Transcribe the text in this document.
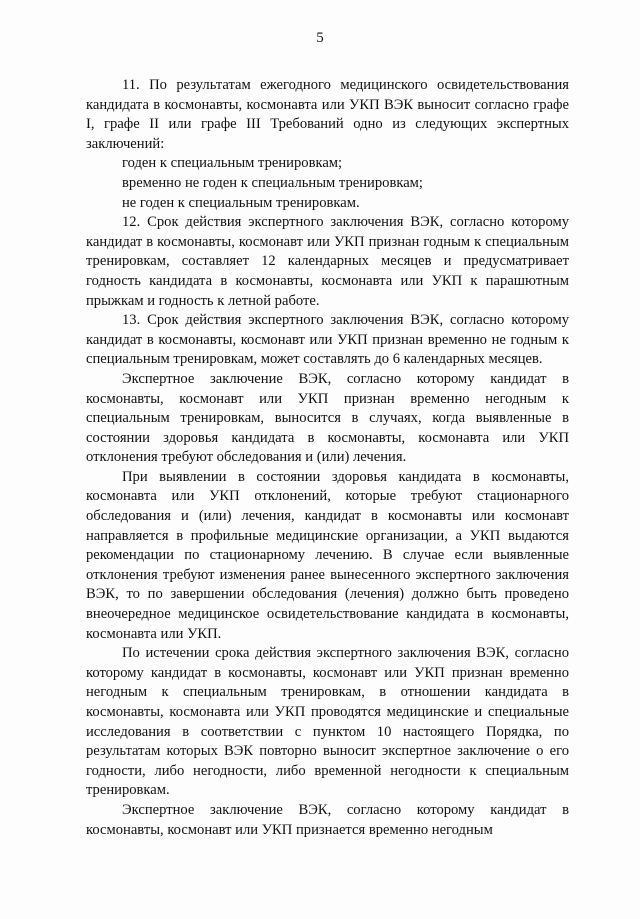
5

11. По результатам ежегодного медицинского освидетельствования кандидата в космонавты, космонавта или УКП ВЭК выносит согласно графе I, графе II или графе III Требований одно из следующих экспертных заключений:

годен к специальным тренировкам;

временно не годен к специальным тренировкам;

не годен к специальным тренировкам.

12. Срок действия экспертного заключения ВЭК, согласно которому кандидат в космонавты, космонавт или УКП признан годным к специальным тренировкам, составляет 12 календарных месяцев и предусматривает годность кандидата в космонавты, космонавта или УКП к парашютным прыжкам и годность к летной работе.

13. Срок действия экспертного заключения ВЭК, согласно которому кандидат в космонавты, космонавт или УКП признан временно не годным к специальным тренировкам, может составлять до 6 календарных месяцев.

Экспертное заключение ВЭК, согласно которому кандидат в космонавты, космонавт или УКП признан временно негодным к специальным тренировкам, выносится в случаях, когда выявленные в состоянии здоровья кандидата в космонавты, космонавта или УКП отклонения требуют обследования и (или) лечения.

При выявлении в состоянии здоровья кандидата в космонавты, космонавта или УКП отклонений, которые требуют стационарного обследования и (или) лечения, кандидат в космонавты или космонавт направляется в профильные медицинские организации, а УКП выдаются рекомендации по стационарному лечению. В случае если выявленные отклонения требуют изменения ранее вынесенного экспертного заключения ВЭК, то по завершении обследования (лечения) должно быть проведено внеочередное медицинское освидетельствование кандидата в космонавты, космонавта или УКП.

По истечении срока действия экспертного заключения ВЭК, согласно которому кандидат в космонавты, космонавт или УКП признан временно негодным к специальным тренировкам, в отношении кандидата в космонавты, космонавта или УКП проводятся медицинские и специальные исследования в соответствии с пунктом 10 настоящего Порядка, по результатам которых ВЭК повторно выносит экспертное заключение о его годности, либо негодности, либо временной негодности к специальным тренировкам.

Экспертное заключение ВЭК, согласно которому кандидат в космонавты, космонавт или УКП признается временно негодным
